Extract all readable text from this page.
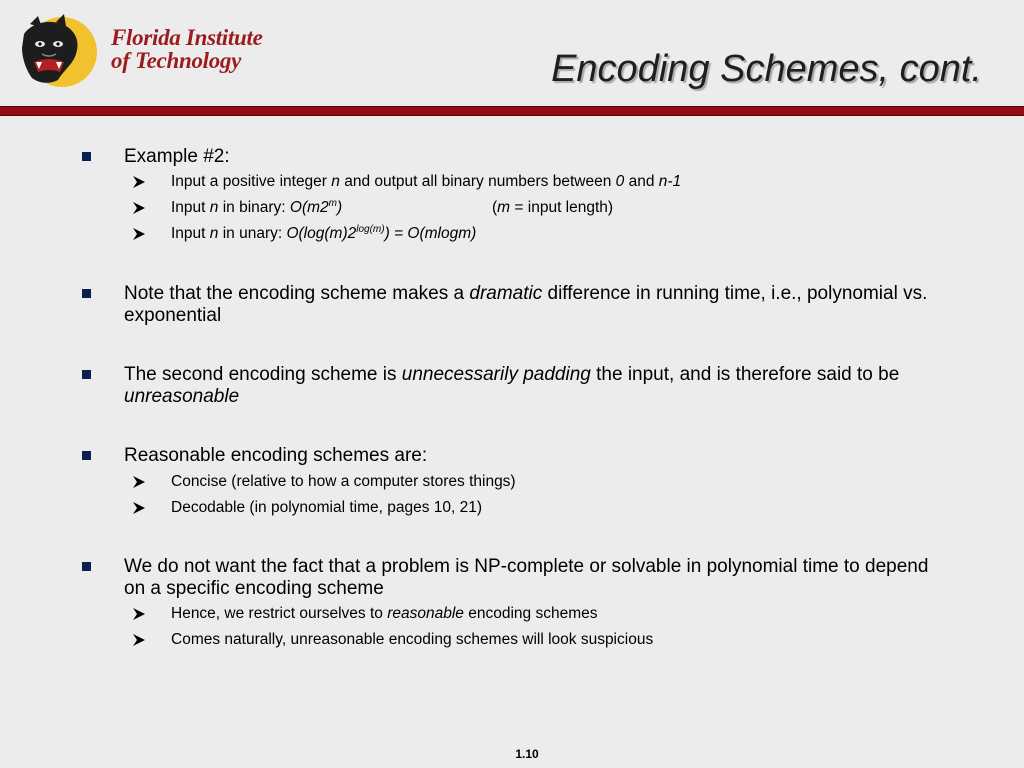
Florida Institute
of Technology	Encoding Schemes, cont.
Example #2:
Input a positive integer n and output all binary numbers between 0 and n-1
Input n in binary: O(m2$^m$)	(m = input length)
Input n in unary: $O(\log(m)2^{log(m)}) = O(mlogm)$
Note that the encoding scheme makes a dramatic difference in running time, i.e., polynomial vs. exponential
The second encoding scheme is unnecessarily padding the input, and is therefore said to be unreasonable
Reasonable encoding schemes are:
Concise (relative to how a computer stores things)
Decodable (in polynomial time, pages 10, 21)
We do not want the fact that a problem is NP-complete or solvable in polynomial time to depend on a specific encoding scheme
Hence, we restrict ourselves to reasonable encoding schemes
Comes naturally, unreasonable encoding schemes will look suspicious
1.10
